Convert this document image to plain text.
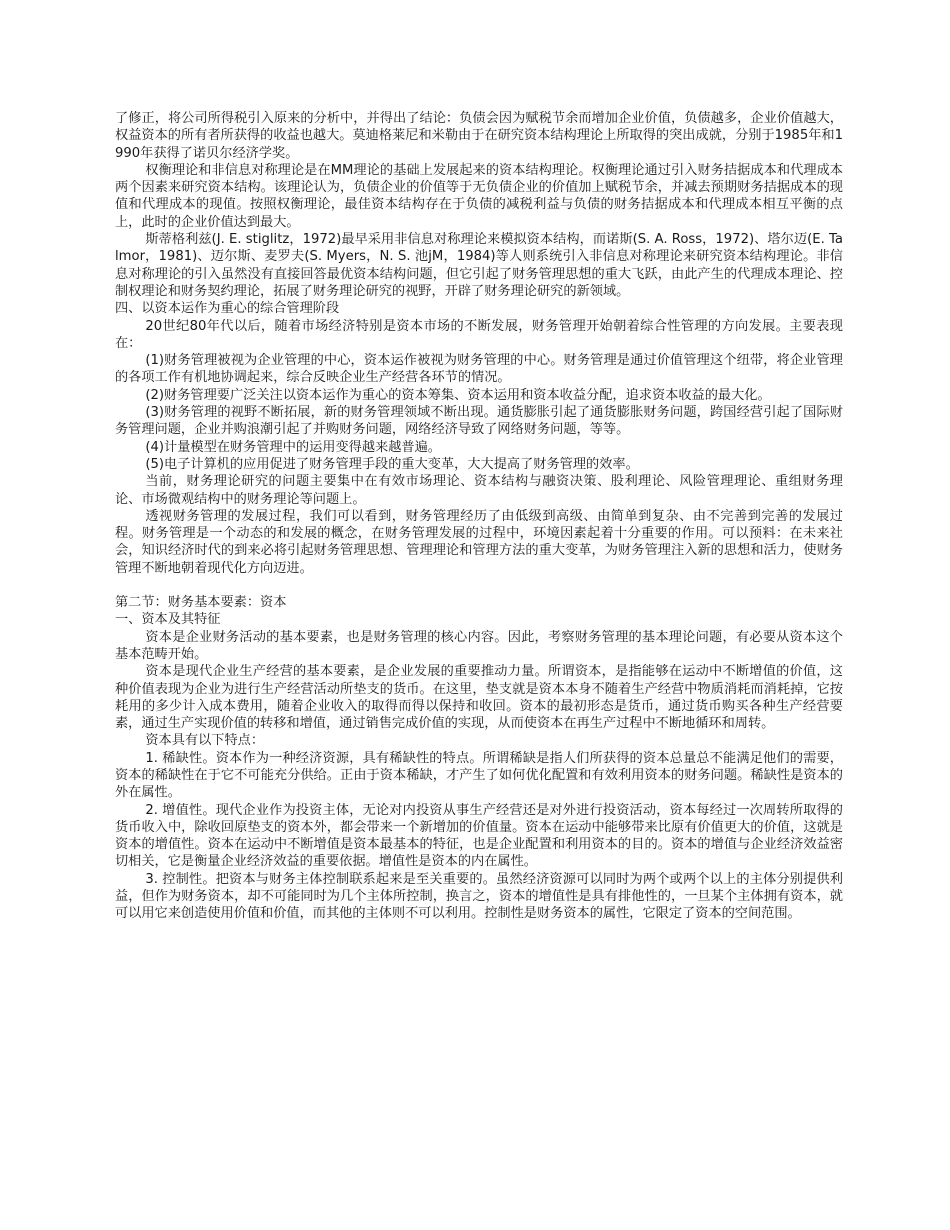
了修正，将公司所得税引入原来的分析中，并得出了结论：负债会因为赋税节余而增加企业价值，负债越多，企业价值越大，权益资本的所有者所获得的收益也越大。莫迪格莱尼和米勒由于在研究资本结构理论上所取得的突出成就，分别于1985年和1990年获得了诺贝尔经济学奖。

权衡理论和非信息对称理论是在MM理论的基础上发展起来的资本结构理论。权衡理论通过引入财务拮据成本和代理成本两个因素来研究资本结构。该理论认为，负债企业的价值等于无负债企业的价值加上赋税节余，并减去预期财务拮据成本的现值和代理成本的现值。按照权衡理论，最佳资本结构存在于负债的减税利益与负债的财务拮据成本和代理成本相互平衡的点上，此时的企业价值达到最大。

斯蒂格利兹(J. E. stiglitz，1972)最早采用非信息对称理论来模拟资本结构，而诺斯(S. A. Ross，1972)、塔尔迈(E. Talmor，1981)、迈尔斯、麦罗夫(S. Myers，N. S. 池jM，1984)等人则系统引入非信息对称理论来研究资本结构理论。非信息对称理论的引入虽然没有直接回答最优资本结构问题，但它引起了财务管理思想的重大飞跃，由此产生的代理成本理论、控制权理论和财务契约理论，拓展了财务理论研究的视野，开辟了财务理论研究的新领域。

四、以资本运作为重心的综合管理阶段

20世纪80年代以后，随着市场经济特别是资本市场的不断发展，财务管理开始朝着综合性管理的方向发展。主要表现在：

(1)财务管理被视为企业管理的中心，资本运作被视为财务管理的中心。财务管理是通过价值管理这个纽带，将企业管理的各项工作有机地协调起来，综合反映企业生产经营各环节的情况。

(2)财务管理要广泛关注以资本运作为重心的资本筹集、资本运用和资本收益分配，追求资本收益的最大化。

(3)财务管理的视野不断拓展，新的财务管理领域不断出现。通货膨胀引起了通货膨胀财务问题，跨国经营引起了国际财务管理问题，企业并购浪潮引起了并购财务问题，网络经济导致了网络财务问题，等等。

(4)计量模型在财务管理中的运用变得越来越普遍。

(5)电子计算机的应用促进了财务管理手段的重大变革，大大提高了财务管理的效率。

当前，财务理论研究的问题主要集中在有效市场理论、资本结构与融资决策、股利理论、风险管理理论、重组财务理论、市场微观结构中的财务理论等问题上。

透视财务管理的发展过程，我们可以看到，财务管理经历了由低级到高级、由简单到复杂、由不完善到完善的发展过程。财务管理是一个动态的和发展的概念，在财务管理发展的过程中，环境因素起着十分重要的作用。可以预料：在未来社会，知识经济时代的到来必将引起财务管理思想、管理理论和管理方法的重大变革，为财务管理注入新的思想和活力，使财务管理不断地朝着现代化方向迈进。

第二节：财务基本要素：资本

一、资本及其特征

资本是企业财务活动的基本要素，也是财务管理的核心内容。因此，考察财务管理的基本理论问题，有必要从资本这个基本范畴开始。

资本是现代企业生产经营的基本要素，是企业发展的重要推动力量。所谓资本，是指能够在运动中不断增值的价值，这种价值表现为企业为进行生产经营活动所垫支的货币。在这里，垫支就是资本本身不随着生产经营中物质消耗而消耗掉，它按耗用的多少计入成本费用，随着企业收入的取得而得以保持和收回。资本的最初形态是货币，通过货币购买各种生产经营要素，通过生产实现价值的转移和增值，通过销售完成价值的实现，从而使资本在再生产过程中不断地循环和周转。

资本具有以下特点：

1. 稀缺性。资本作为一种经济资源，具有稀缺性的特点。所谓稀缺是指人们所获得的资本总量总不能满足他们的需要，资本的稀缺性在于它不可能充分供给。正由于资本稀缺，才产生了如何优化配置和有效利用资本的财务问题。稀缺性是资本的外在属性。

2. 增值性。现代企业作为投资主体，无论对内投资从事生产经营还是对外进行投资活动，资本每经过一次周转所取得的货币收入中，除收回原垫支的资本外，都会带来一个新增加的价值量。资本在运动中能够带来比原有价值更大的价值，这就是资本的增值性。资本在运动中不断增值是资本最基本的特征，也是企业配置和利用资本的目的。资本的增值与企业经济效益密切相关，它是衡量企业经济效益的重要依据。增值性是资本的内在属性。

3. 控制性。把资本与财务主体控制联系起来是至关重要的。虽然经济资源可以同时为两个或两个以上的主体分别提供利益，但作为财务资本，却不可能同时为几个主体所控制，换言之，资本的增值性是具有排他性的，一旦某个主体拥有资本，就可以用它来创造使用价值和价值，而其他的主体则不可以利用。控制性是财务资本的属性，它限定了资本的空间范围。
